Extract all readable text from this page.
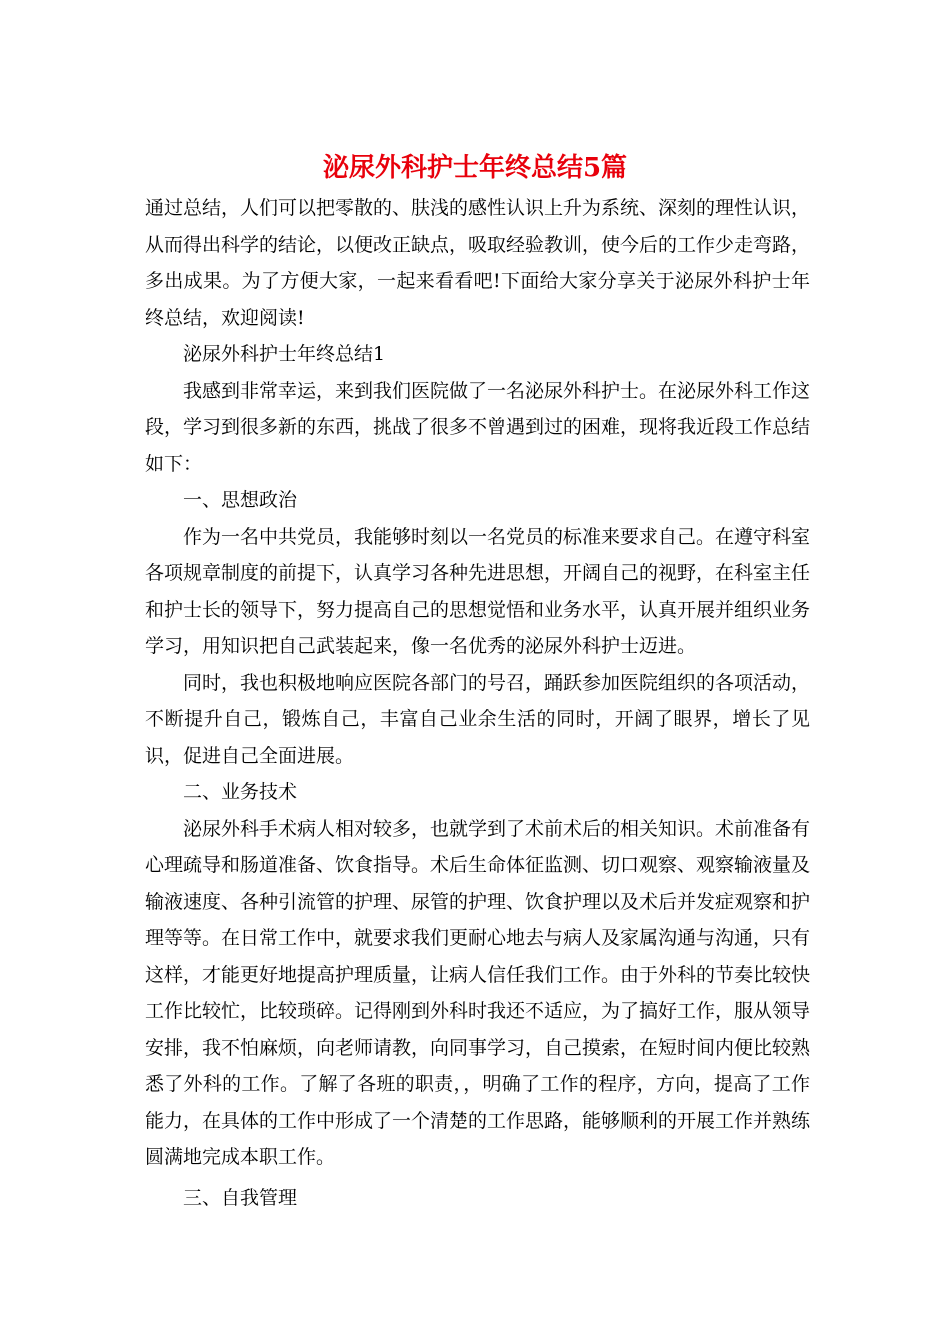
泌尿外科护士年终总结5篇

通过总结，人们可以把零散的、肤浅的感性认识上升为系统、深刻的理性认识，从而得出科学的结论，以便改正缺点，吸取经验教训，使今后的工作少走弯路，多出成果。为了方便大家，一起来看看吧!下面给大家分享关于泌尿外科护士年终总结，欢迎阅读!

泌尿外科护士年终总结1

我感到非常幸运，来到我们医院做了一名泌尿外科护士。在泌尿外科工作这段，学习到很多新的东西，挑战了很多不曾遇到过的困难，现将我近段工作总结如下：

一、思想政治

作为一名中共党员，我能够时刻以一名党员的标准来要求自己。在遵守科室各项规章制度的前提下，认真学习各种先进思想，开阔自己的视野，在科室主任和护士长的领导下，努力提高自己的思想觉悟和业务水平，认真开展并组织业务学习，用知识把自己武装起来，像一名优秀的泌尿外科护士迈进。

同时，我也积极地响应医院各部门的号召，踊跃参加医院组织的各项活动，不断提升自己，锻炼自己，丰富自己业余生活的同时，开阔了眼界，增长了见识，促进自己全面进展。

二、业务技术

泌尿外科手术病人相对较多，也就学到了术前术后的相关知识。术前准备有心理疏导和肠道准备、饮食指导。术后生命体征监测、切口观察、观察输液量及输液速度、各种引流管的护理、尿管的护理、饮食护理以及术后并发症观察和护理等等。在日常工作中，就要求我们更耐心地去与病人及家属沟通与沟通，只有这样，才能更好地提高护理质量，让病人信任我们工作。由于外科的节奏比较快工作比较忙，比较琐碎。记得刚到外科时我还不适应，为了搞好工作，服从领导安排，我不怕麻烦，向老师请教，向同事学习，自己摸索，在短时间内便比较熟悉了外科的工作。了解了各班的职责，，明确了工作的程序，方向，提高了工作能力，在具体的工作中形成了一个清楚的工作思路，能够顺利的开展工作并熟练圆满地完成本职工作。

三、自我管理
